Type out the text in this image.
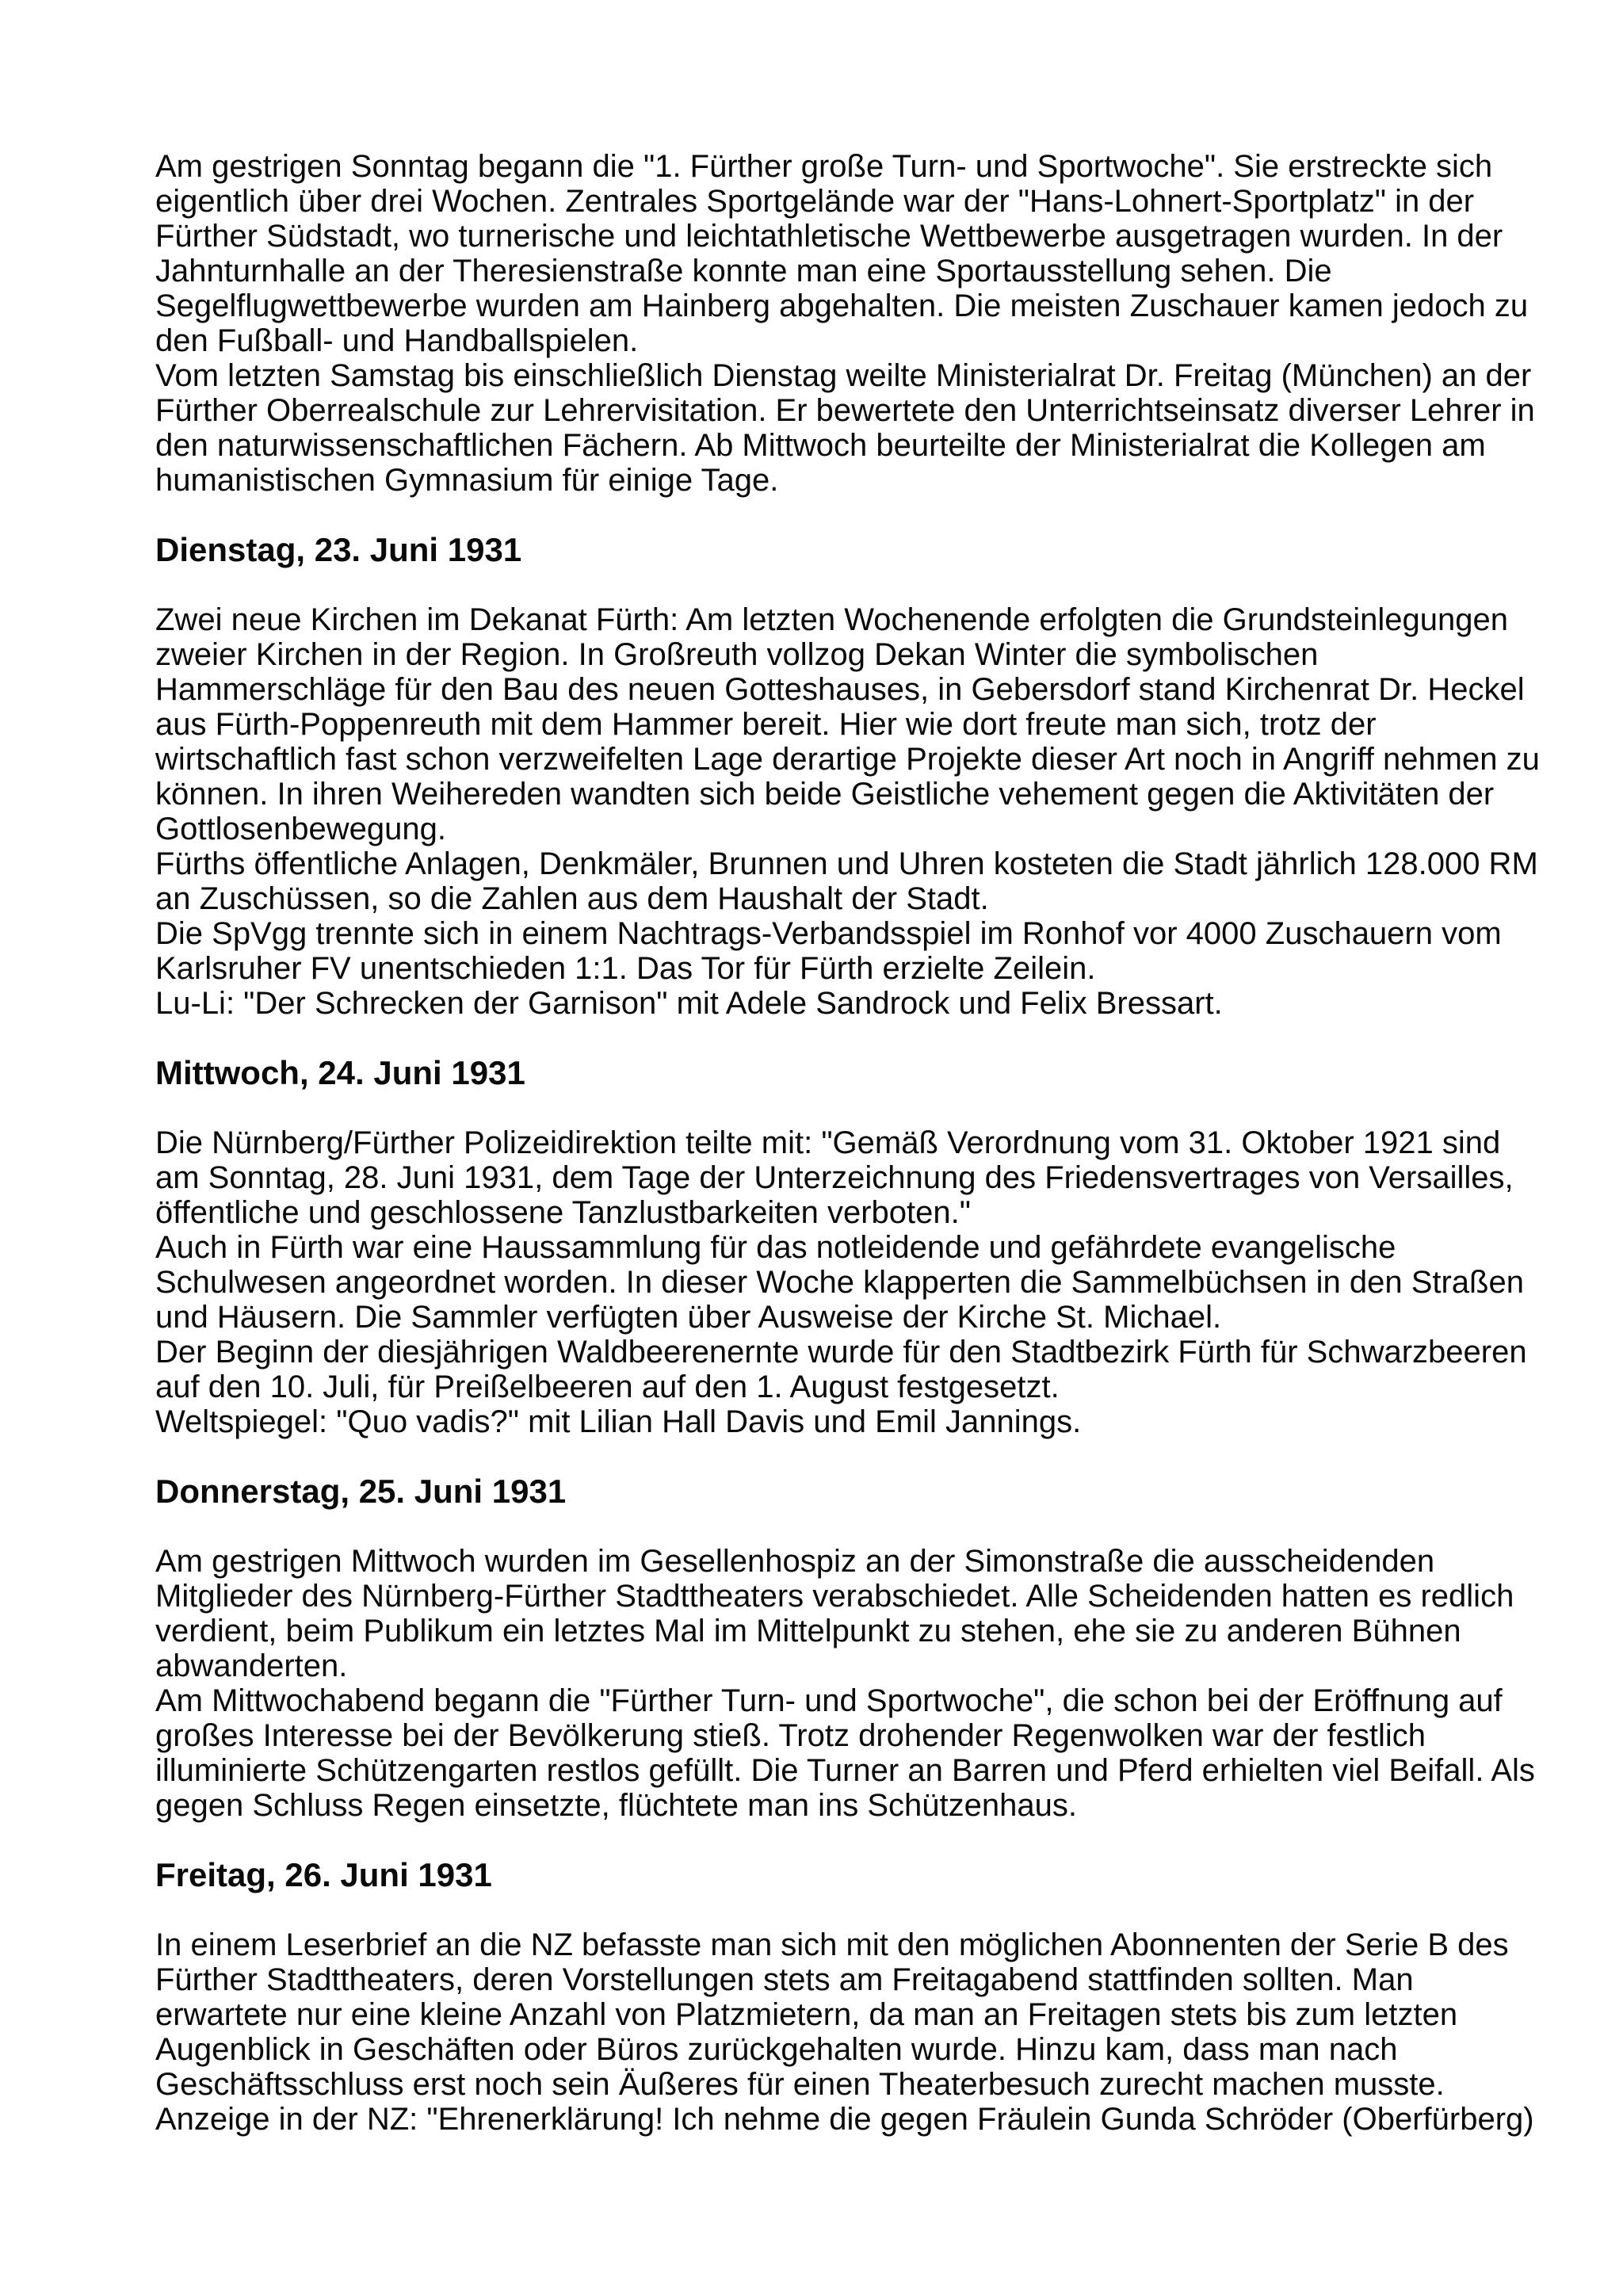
Am gestrigen Sonntag begann die "1. Fürther große Turn- und Sportwoche". Sie erstreckte sich
eigentlich über drei Wochen. Zentrales Sportgelände war der "Hans-Lohnert-Sportplatz" in der
Fürther Südstadt, wo turnerische und leichtathletische Wettbewerbe ausgetragen wurden. In der
Jahnturnhalle an der Theresienstraße konnte man eine Sportausstellung sehen. Die
Segelflugwettbewerbe wurden am Hainberg abgehalten. Die meisten Zuschauer kamen jedoch zu
den Fußball- und Handballspielen.
Vom letzten Samstag bis einschließlich Dienstag weilte Ministerialrat Dr. Freitag (München) an der
Fürther Oberrealschule zur Lehrervisitation. Er bewertete den Unterrichtseinsatz diverser Lehrer in
den naturwissenschaftlichen Fächern. Ab Mittwoch beurteilte der Ministerialrat die Kollegen am
humanistischen Gymnasium für einige Tage.
Dienstag, 23. Juni 1931
Zwei neue Kirchen im Dekanat Fürth: Am letzten Wochenende erfolgten die Grundsteinlegungen
zweier Kirchen in der Region. In Großreuth vollzog Dekan Winter die symbolischen
Hammerschläge für den Bau des neuen Gotteshauses, in Gebersdorf stand Kirchenrat Dr. Heckel
aus Fürth-Poppenreuth mit dem Hammer bereit. Hier wie dort freute man sich, trotz der
wirtschaftlich fast schon verzweifelten Lage derartige Projekte dieser Art noch in Angriff nehmen zu
können. In ihren Weihereden wandten sich beide Geistliche vehement gegen die Aktivitäten der
Gottlosenbewegung.
Fürths öffentliche Anlagen, Denkmäler, Brunnen und Uhren kosteten die Stadt jährlich 128.000 RM
an Zuschüssen, so die Zahlen aus dem Haushalt der Stadt.
Die SpVgg trennte sich in einem Nachtrags-Verbandsspiel im Ronhof vor 4000 Zuschauern vom
Karlsruher FV unentschieden 1:1. Das Tor für Fürth erzielte Zeilein.
Lu-Li: "Der Schrecken der Garnison" mit Adele Sandrock und Felix Bressart.
Mittwoch, 24. Juni 1931
Die Nürnberg/Fürther Polizeidirektion teilte mit: "Gemäß Verordnung vom 31. Oktober 1921 sind
am Sonntag, 28. Juni 1931, dem Tage der Unterzeichnung des Friedensvertrages von Versailles,
öffentliche und geschlossene Tanzlustbarkeiten verboten."
Auch in Fürth war eine Haussammlung für das notleidende und gefährdete evangelische
Schulwesen angeordnet worden. In dieser Woche klapperten die Sammelbüchsen in den Straßen
und Häusern. Die Sammler verfügten über Ausweise der Kirche St. Michael.
Der Beginn der diesjährigen Waldbeerenernte wurde für den Stadtbezirk Fürth für Schwarzbeeren
auf den 10. Juli, für Preißelbeeren auf den 1. August festgesetzt.
Weltspiegel: "Quo vadis?" mit Lilian Hall Davis und Emil Jannings.
Donnerstag, 25. Juni 1931
Am gestrigen Mittwoch wurden im Gesellenhospiz an der Simonstraße die ausscheidenden
Mitglieder des Nürnberg-Fürther Stadttheaters verabschiedet. Alle Scheidenden hatten es redlich
verdient, beim Publikum ein letztes Mal im Mittelpunkt zu stehen, ehe sie zu anderen Bühnen
abwanderten.
Am Mittwochabend begann die "Fürther Turn- und Sportwoche", die schon bei der Eröffnung auf
großes Interesse bei der Bevölkerung stieß. Trotz drohender Regenwolken war der festlich
illuminierte Schützengarten restlos gefüllt. Die Turner an Barren und Pferd erhielten viel Beifall. Als
gegen Schluss Regen einsetzte, flüchtete man ins Schützenhaus.
Freitag, 26. Juni 1931
In einem Leserbrief an die NZ befasste man sich mit den möglichen Abonnenten der Serie B des
Fürther Stadttheaters, deren Vorstellungen stets am Freitagabend stattfinden sollten. Man
erwartete nur eine kleine Anzahl von Platzmietern, da man an Freitagen stets bis zum letzten
Augenblick in Geschäften oder Büros zurückgehalten wurde. Hinzu kam, dass man nach
Geschäftsschluss erst noch sein Äußeres für einen Theaterbesuch zurecht machen musste.
Anzeige in der NZ: "Ehrenerklärung! Ich nehme die gegen Fräulein Gunda Schröder (Oberfürberg)
